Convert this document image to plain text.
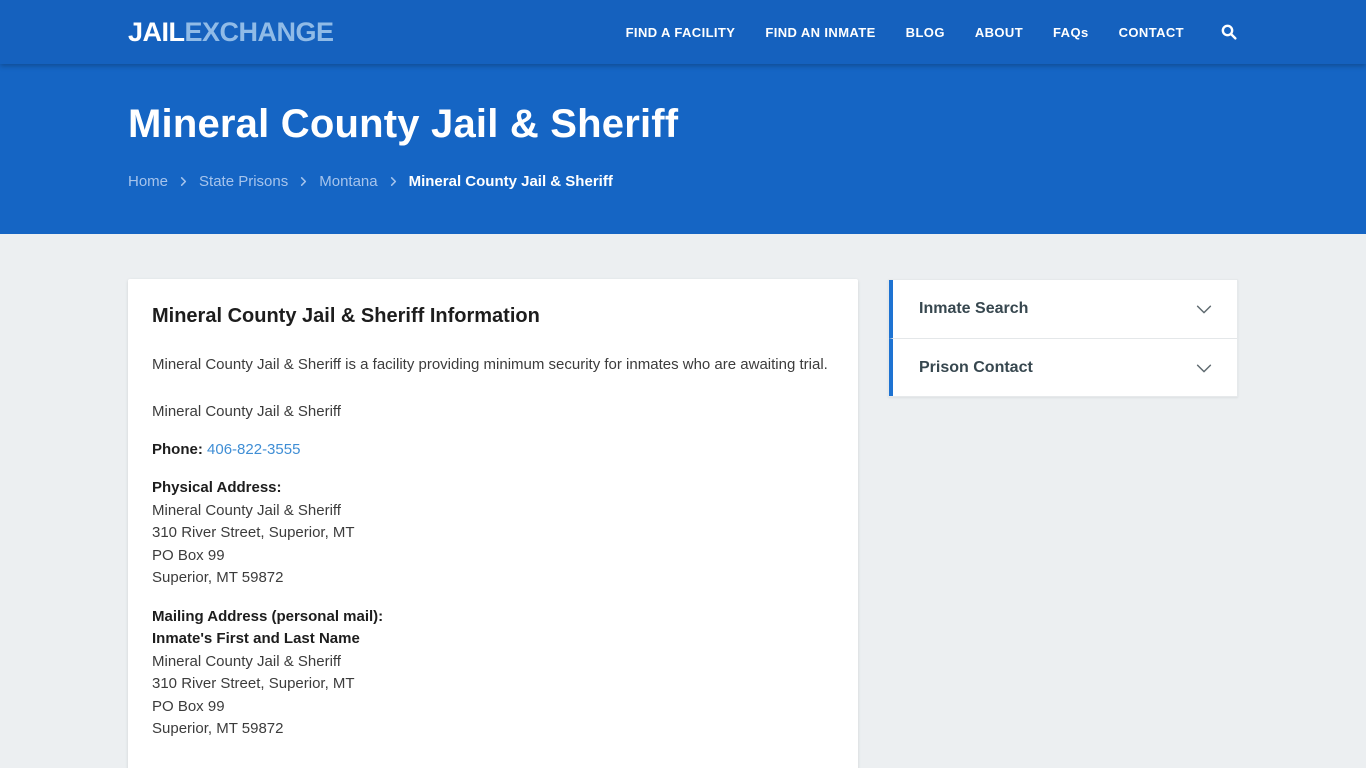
JAILEXCHANGE	FIND A FACILITY FIND AN INMATE BLOG ABOUT FAQs CONTACT
Mineral County Jail & Sheriff
Home State Prisons Montana Mineral County Jail & Sheriff
Mineral County Jail & Sheriff Information

Mineral County Jail & Sheriff is a facility providing minimum security for inmates who are awaiting trial.

Mineral County Jail & Sheriff

Phone: 406-822-3555

Physical Address:
Mineral County Jail & Sheriff
310 River Street, Superior, MT
PO Box 99
Superior, MT 59872
Mailing Address (personal mail):
Inmate's First and Last Name
Mineral County Jail & Sheriff
310 River Street, Superior, MT
PO Box 99
Superior, MT 59872
Inmate Search
Prison Contact
